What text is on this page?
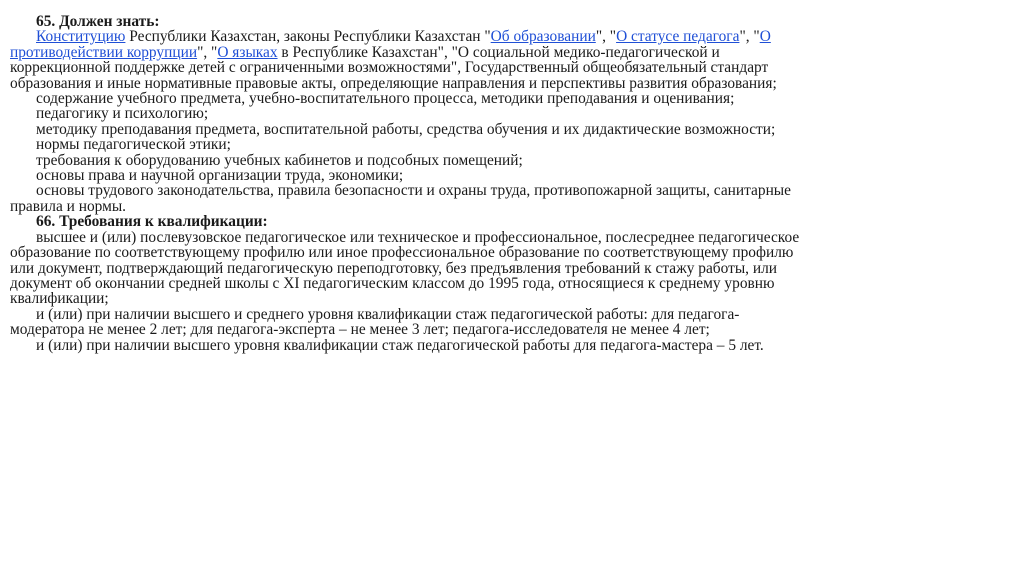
65. Должен знать:
Конституцию Республики Казахстан, законы Республики Казахстан "Об образовании", "О статусе педагога", "О
противодействии коррупции", "О языках в Республике Казахстан", "О социальной медико-педагогической и
коррекционной поддержке детей с ограниченными возможностями", Государственный общеобязательный стандарт
образования и иные нормативные правовые акты, определяющие направления и перспективы развития образования;
содержание учебного предмета, учебно-воспитательного процесса, методики преподавания и оценивания;
педагогику и психологию;
методику преподавания предмета, воспитательной работы, средства обучения и их дидактические возможности;
нормы педагогической этики;
требования к оборудованию учебных кабинетов и подсобных помещений;
основы права и научной организации труда, экономики;
основы трудового законодательства, правила безопасности и охраны труда, противопожарной защиты, санитарные
правила и нормы.
66. Требования к квалификации:
высшее и (или) послевузовское педагогическое или техническое и профессиональное, послесреднее педагогическое
образование по соответствующему профилю или иное профессиональное образование по соответствующему профилю
или документ, подтверждающий педагогическую переподготовку, без предъявления требований к стажу работы, или
документ об окончании средней школы с XI педагогическим классом до 1995 года, относящиеся к среднему уровню
квалификации;
и (или) при наличии высшего и среднего уровня квалификации стаж педагогической работы: для педагога-
модератора не менее 2 лет; для педагога-эксперта – не менее 3 лет; педагога-исследователя не менее 4 лет;
и (или) при наличии высшего уровня квалификации стаж педагогической работы для педагога-мастера – 5 лет.
